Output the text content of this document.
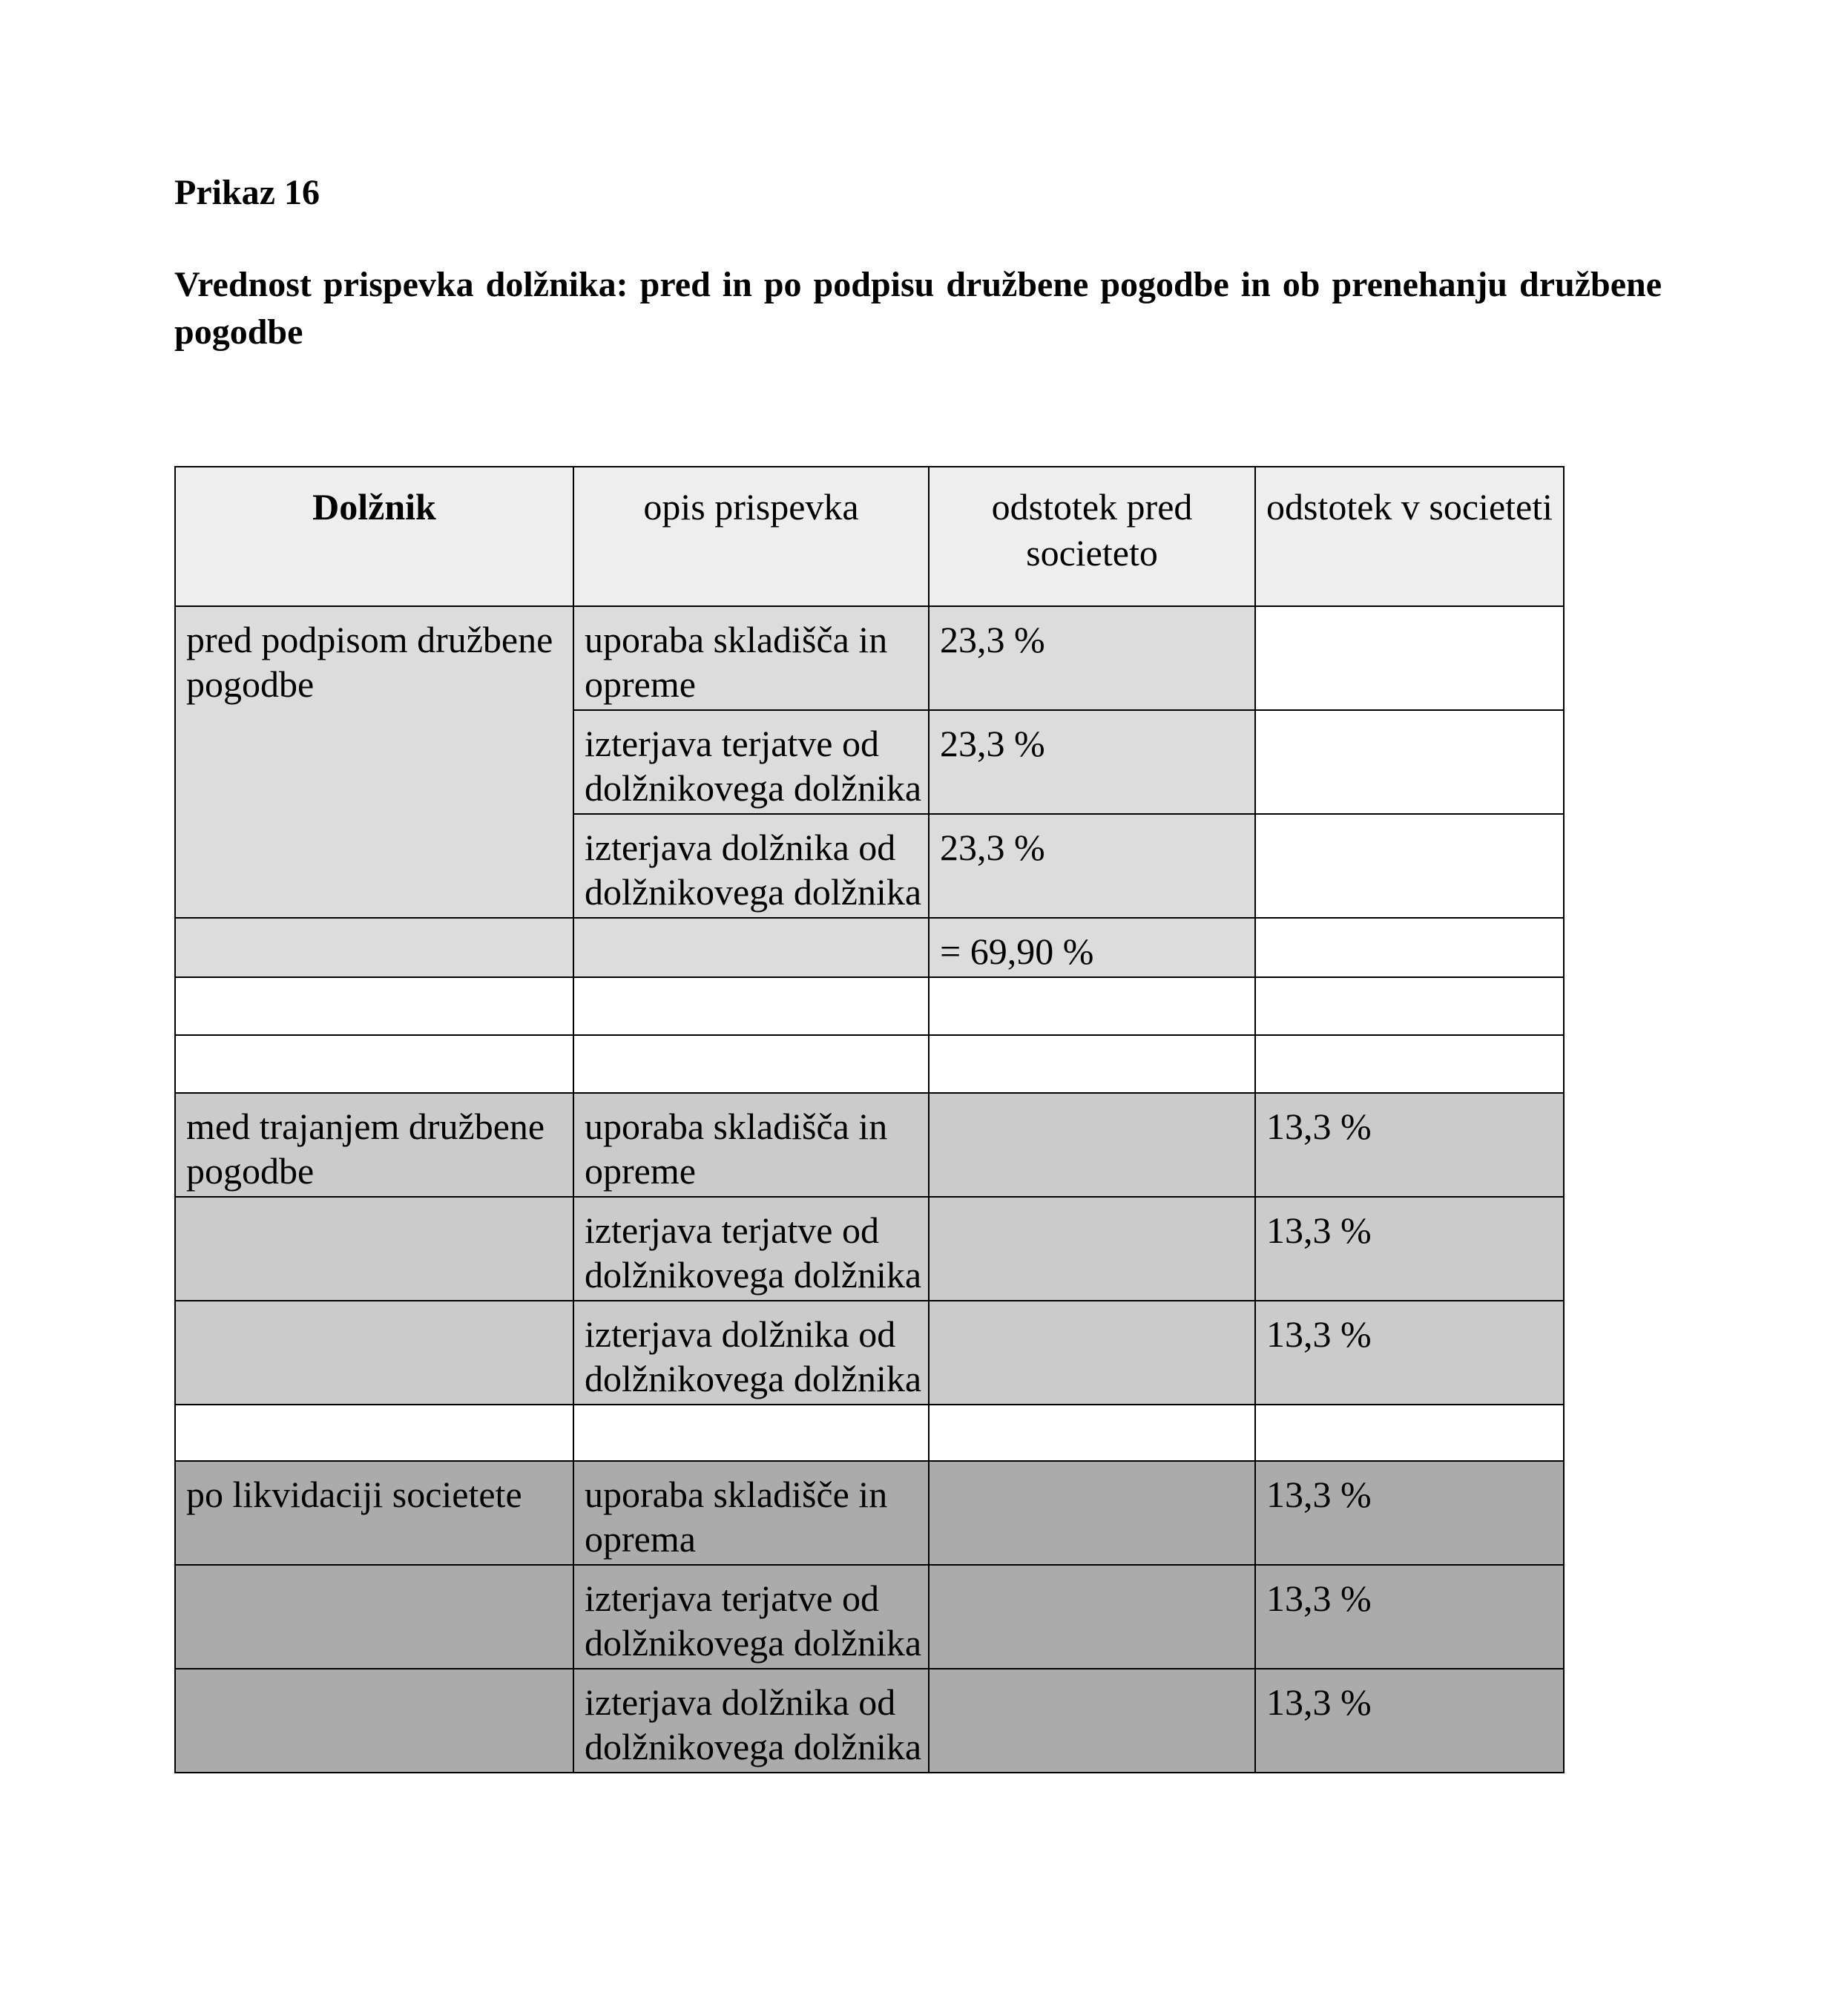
Prikaz 16

Vrednost prispevka dolžnika: pred in po podpisu družbene pogodbe in ob prenehanju družbene pogodbe

Dolžnik	opis prispevka	odstotek pred societeto	odstotek v societeti
pred podpisom družbene pogodbe	uporaba skladišča in opreme	23,3 %	
	izterjava terjatve od dolžnikovega dolžnika	23,3 %	
	izterjava dolžnika od dolžnikovega dolžnika	23,3 %	
		= 69,90 %	

med trajanjem družbene pogodbe	uporaba skladišča in opreme		13,3 %
	izterjava terjatve od dolžnikovega dolžnika		13,3 %
	izterjava dolžnika od dolžnikovega dolžnika		13,3 %

po likvidaciji societete	uporaba skladišče in oprema		13,3 %
	izterjava terjatve od dolžnikovega dolžnika		13,3 %
	izterjava dolžnika od dolžnikovega dolžnika		13,3 %
